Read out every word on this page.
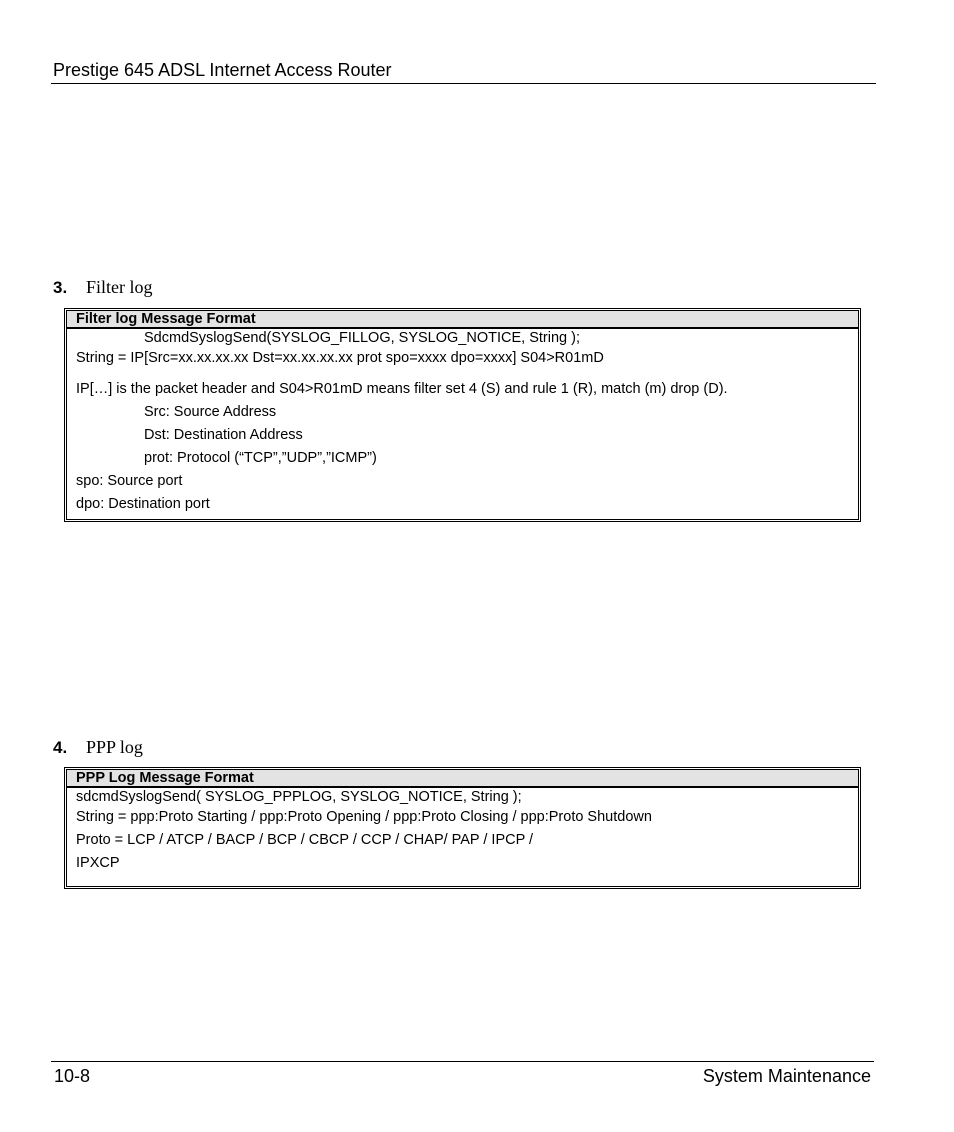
Prestige 645 ADSL Internet Access Router
3. Filter log
Filter log Message Format
SdcmdSyslogSend(SYSLOG_FILLOG, SYSLOG_NOTICE, String );
String = IP[Src=xx.xx.xx.xx Dst=xx.xx.xx.xx prot spo=xxxx dpo=xxxx] S04>R01mD
IP[…] is the packet header and S04>R01mD means filter set 4 (S) and rule 1 (R), match (m) drop (D).
Src: Source Address
Dst: Destination Address
prot: Protocol (“TCP”,”UDP”,”ICMP”)
spo: Source port
dpo: Destination port
4. PPP log
PPP Log Message Format
sdcmdSyslogSend( SYSLOG_PPPLOG, SYSLOG_NOTICE, String );
String = ppp:Proto Starting / ppp:Proto Opening / ppp:Proto Closing / ppp:Proto Shutdown
Proto = LCP / ATCP / BACP / BCP / CBCP / CCP / CHAP/ PAP / IPCP /
IPXCP
10-8	System Maintenance
